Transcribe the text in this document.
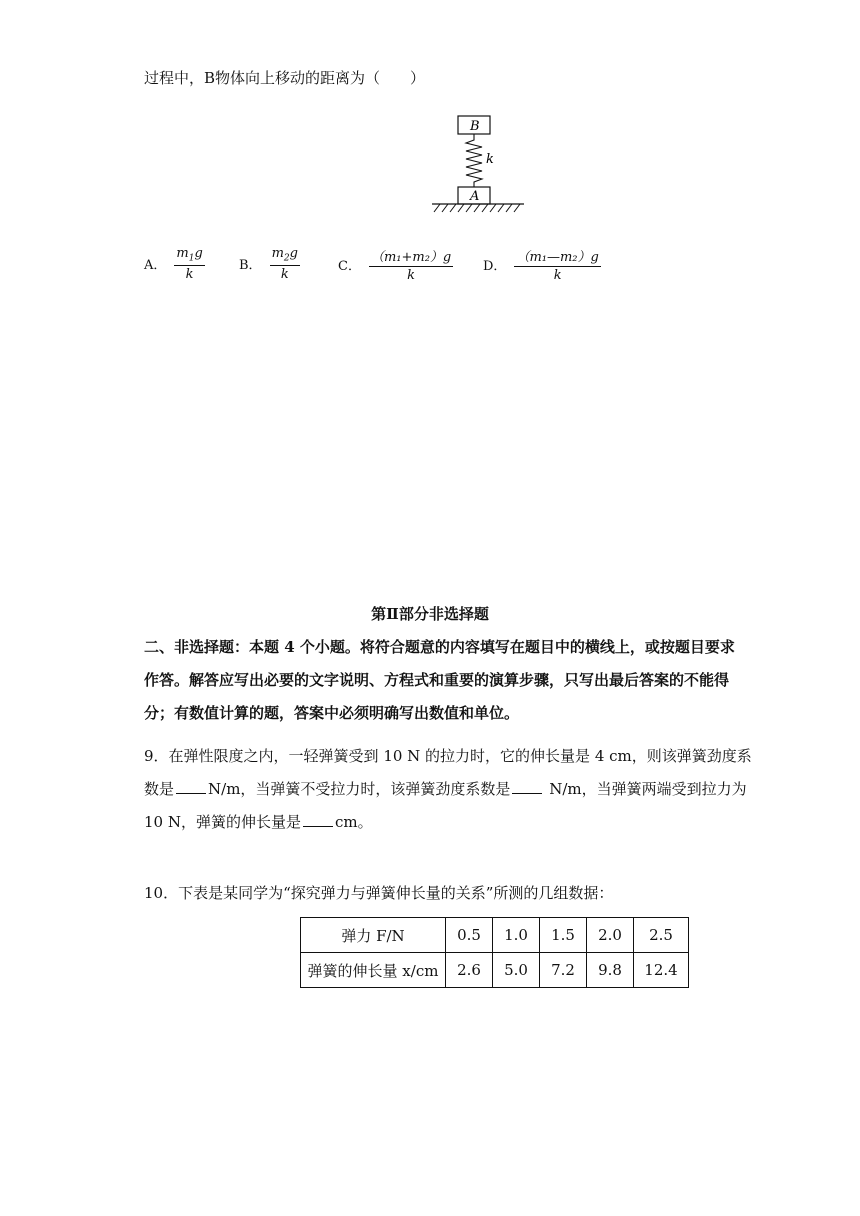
过程中，B物体向上移动的距离为（　　）
B
k
A
A． $\frac{m_1g}{k}$	B． $\frac{m_2g}{k}$	C． $\frac{\text{（m₁+m₂）g}}{k}$ D． $\frac{\text{（m₁—m₂）g}}{k}$
第Ⅱ部分非选择题
二、非选择题：本题 4 个小题。将符合题意的内容填写在题目中的横线上，或按题目要求
作答。解答应写出必要的文字说明、方程式和重要的演算步骤，只写出最后答案的不能得
分；有数值计算的题，答案中必须明确写出数值和单位。
9．在弹性限度之内，一轻弹簧受到 10 N 的拉力时，它的伸长量是 4 cm，则该弹簧劲度系
数是 N/m，当弹簧不受拉力时，该弹簧劲度系数是 N/m，当弹簧两端受到拉力为
10 N，弹簧的伸长量是 cm。
10．下表是某同学为“探究弹力与弹簧伸长量的关系”所测的几组数据：
弹力 F/N	0.5	1.0	1.5	2.0	2.5
弹簧的伸长量 x/cm	2.6	5.0	7.2	9.8	12.4
